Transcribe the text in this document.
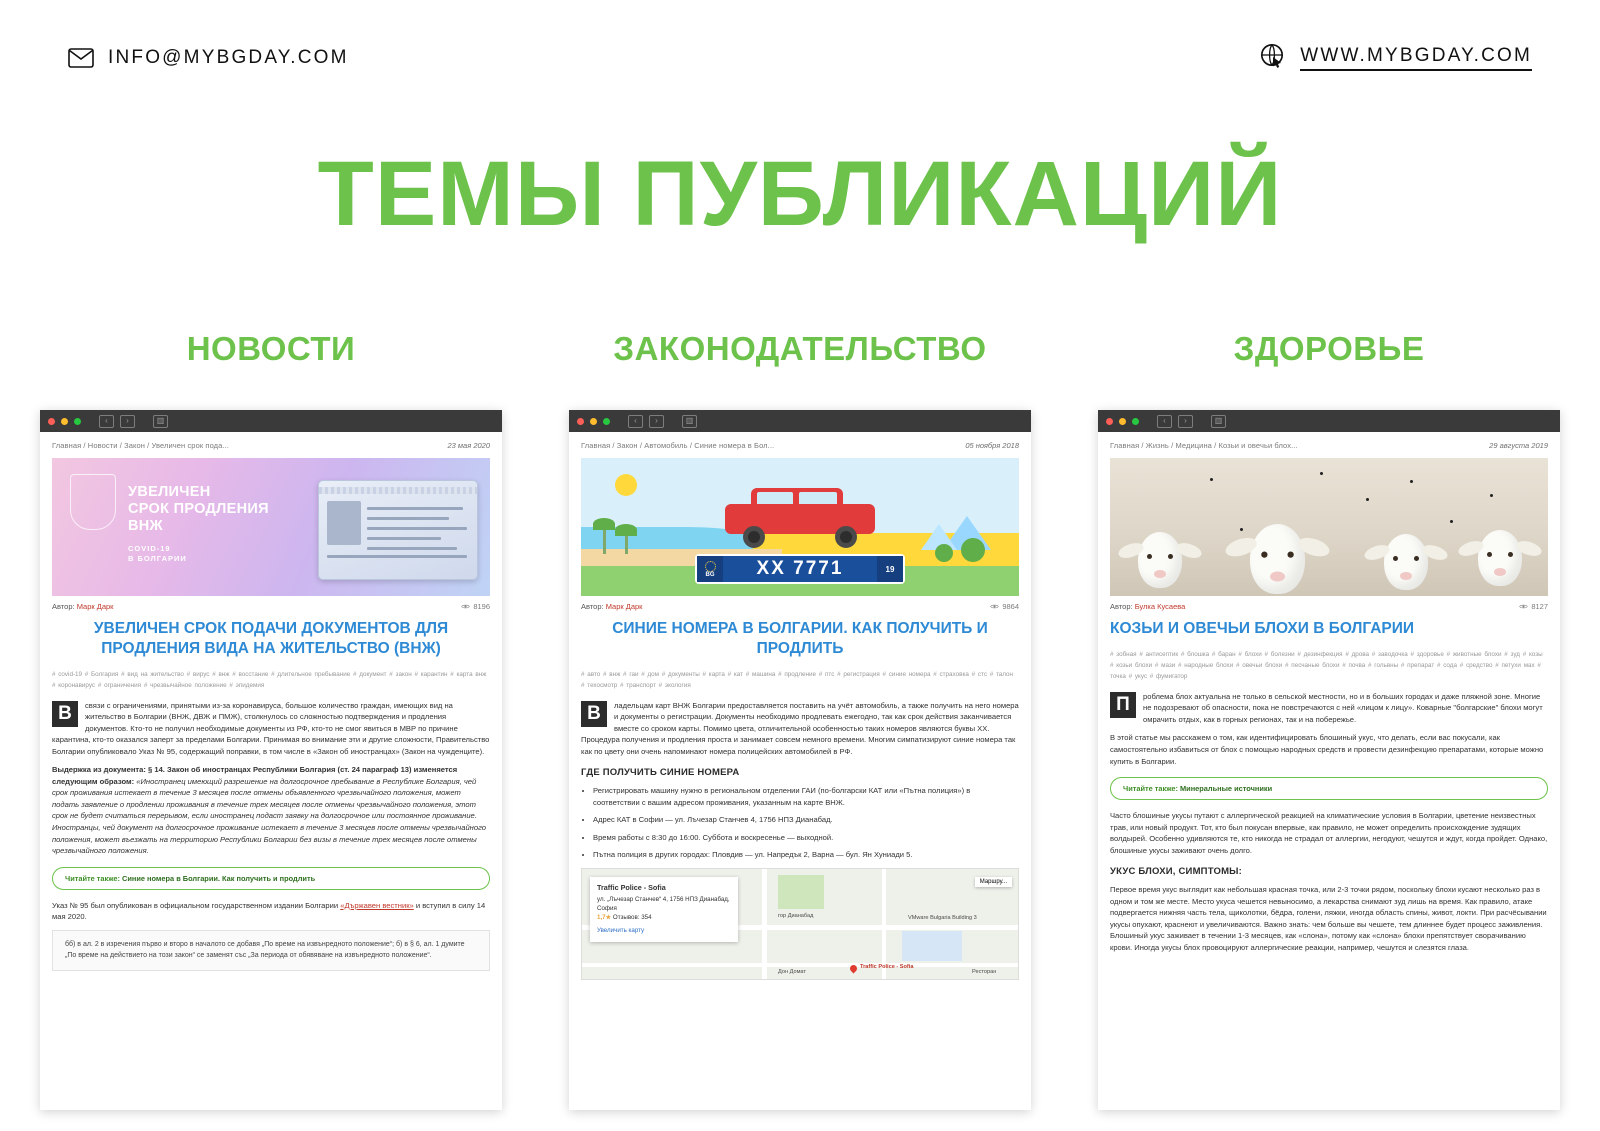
INFO@MYBGDAY.COM	WWW.MYBGDAY.COM
ТЕМЫ ПУБЛИКАЦИЙ
НОВОСТИ
‹	›	▥
Главная / Новости / Закон / Увеличен срок пода...	23 мая 2020
УВЕЛИЧЕН
СРОК ПРОДЛЕНИЯ
ВНЖ
COVID-19
В БОЛГАРИИ
Автор: Марк Дарк	8196
УВЕЛИЧЕН СРОК ПОДАЧИ ДОКУМЕНТОВ ДЛЯ ПРОДЛЕНИЯ ВИДА НА ЖИТЕЛЬСТВО (ВНЖ)
# covid-19 # Болгария # вид на жительство # вирус # внж # восстание # длительное пребывание # документ # закон # карантин # карта внж # коронавирус # ограничения # чрезвычайное положение # эпидемия

В	связи с ограничениями, принятыми из-за коронавируса, большое количество граждан, имеющих вид на жительство в Болгарии (ВНЖ, ДВЖ и ПМЖ), столкнулось со сложностью подтверждения и продления документов. Кто-то не получил необходимые документы из РФ, кто-то не смог явиться в МВР по причине карантина, кто-то оказался заперт за пределами Болгарии. Принимая во внимание эти и другие сложности, Правительство Болгарии опубликовало Указ № 95, содержащий поправки, в том числе в «Закон об иностранцах» (Закон на чужденците).

Выдержка из документа: § 14. Закон об иностранцах Республики Болгария (ст. 24 параграф 13) изменяется следующим образом: «Иностранец имеющий разрешение на долгосрочное пребывание в Республике Болгария, чей срок проживания истекает в течение 3 месяцев после отмены объявленного чрезвычайного положения, может подать заявление о продлении проживания в течение трех месяцев после отмены чрезвычайного положения, этот срок не будет считаться перерывом, если иностранец подаст заявку на долгосрочное или постоянное проживание. Иностранцы, чей документ на долгосрочное проживание истекает в течение 3 месяцев после отмены чрезвычайного положения, может въезжать на территорию Республики Болгарии без визы в течение трех месяцев после отмены чрезвычайного положения.

Читайте также: Синие номера в Болгарии. Как получить и продлить

Указ № 95 был опубликован в официальном государственном издании Болгарии «Държавен вестник» и вступил в силу 14 мая 2020.

бб) в ал. 2 в изречения първо и второ в началото се добавя „По време на извънредното положение“; б) в § 6, ал. 1 думите „По време на действието на този закон“ се заменят със „За периода от обявяване на извънредното положение“.
ЗАКОНОДАТЕЛЬСТВО
‹	›	▥
Главная / Закон / Автомобиль / Синие номера в Бол...	05 ноября 2018
BG	XX 7771	19
Автор: Марк Дарк	9864
СИНИЕ НОМЕРА В БОЛГАРИИ. КАК ПОЛУЧИТЬ И ПРОДЛИТЬ
# авто # внж # гаи # дом # документы # карта # кат # машина # продление # птс # регистрация # синие номера # страховка # стс # талон # техосмотр # транспорт # экология

В	ладельцам карт ВНЖ Болгарии предоставляется поставить на учёт автомобиль, а также получить на него номера и документы о регистрации. Документы необходимо продлевать ежегодно, так как срок действия заканчивается вместе со сроком карты. Помимо цвета, отличительной особенностью таких номеров являются буквы XX. Процедура получения и продления проста и занимает совсем немного времени. Многим симпатизируют синие номера так как по цвету они очень напоминают номера полицейских автомобилей в РФ.

ГДЕ ПОЛУЧИТЬ СИНИЕ НОМЕРА
• Регистрировать машину нужно в региональном отделении ГАИ (по-болгарски КАТ или «Пътна полиция») в соответствии с вашим адресом проживания, указанным на карте ВНЖ.
• Адрес КАТ в Софии — ул. Лъчезар Станчев 4, 1756 НПЗ Дианабад.
• Время работы с 8:30 до 16:00. Суббота и воскресенье — выходной.
• Пътна полиция в других городах: Пловдив — ул. Напредък 2, Варна — бул. Ян Хуниади 5.
гор Дианабад	VMware Bulgaria Building 3
Дон Домат	Ресторан
Traffic Police - Sofia
Маршру...
Traffic Police - Sofia
ул. „Лъчезар Станчев“ 4, 1756 НПЗ Дианабад, София
1,7★ Отзывов: 354
Увеличить карту
ЗДОРОВЬЕ
‹	›	▥
Главная / Жизнь / Медицина / Козьи и овечьи блох...	29 августа 2019
Автор: Булка Кусаева	8127
КОЗЬИ И ОВЕЧЬИ БЛОХИ В БОЛГАРИИ
# зобная # антисептик # блошка # баран # блохи # болезни # дезинфекция # дрова # заводочка # здоровье # животные блохи # зуд # козы # козьи блохи # мази # народные блохи # овечьи блохи # песчаные блохи # почва # гольвны # препарат # сода # средство # петухи мах # точка # укус # фумигатор

П	роблема блох актуальна не только в сельской местности, но и в больших городах и даже пляжной зоне. Многие не подозревают об опасности, пока не повстречаются с ней «лицом к лицу». Коварные "болгарские" блохи могут омрачить отдых, как в горных регионах, так и на побережье.

В этой статье мы расскажем о том, как идентифицировать блошиный укус, что делать, если вас покусали, как самостоятельно избавиться от блох с помощью народных средств и провести дезинфекцию препаратами, которые можно купить в Болгарии.

Читайте также: Минеральные источники

Часто блошиные укусы путают с аллергической реакцией на климатические условия в Болгарии, цветение неизвестных трав, или новый продукт. Тот, кто был покусан впервые, как правило, не может определить происхождение зудящих волдырей. Особенно удивляются те, кто никогда не страдал от аллергии, негодуют, чешутся и ждут, когда пройдет. Однако, блошиные укусы заживают очень долго.

УКУС БЛОХИ, СИМПТОМЫ:

Первое время укус выглядит как небольшая красная точка, или 2-3 точки рядом, поскольку блохи кусают несколько раз в одном и том же месте. Место укуса чешется невыносимо, а лекарства снимают зуд лишь на время. Как правило, атаке подвергается нижняя часть тела, щиколотки, бёдра, голени, ляжки, иногда область спины, живот, локти. При расчёсывании укусы опухают, краснеют и увеличиваются. Важно знать: чем больше вы чешете, тем длиннее будет процесс заживления. Блошиный укус заживает в течении 1-3 месяцев, как «слона», потому как «слона» блохи препятствует сворачиванию крови. Иногда укусы блох провоцируют аллергические реакции, например, чешутся и слезятся глаза.
